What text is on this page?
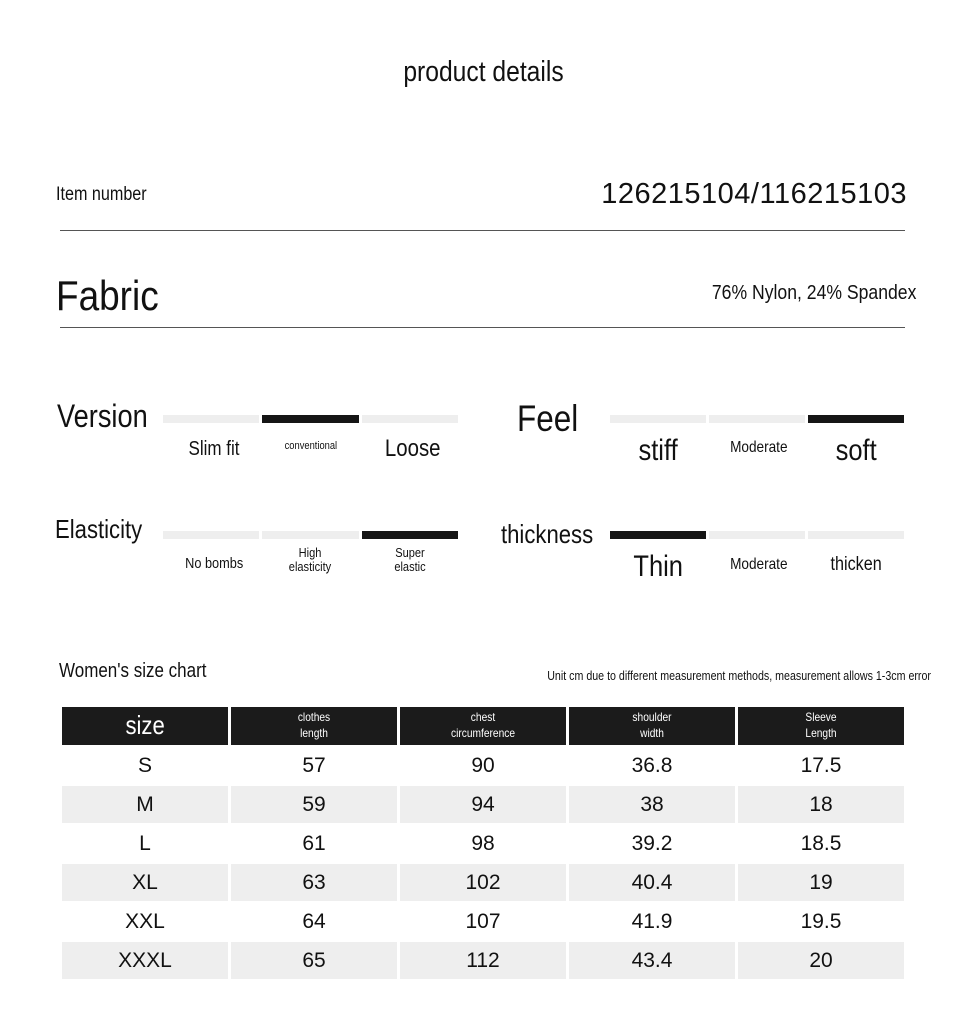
product details
Item number	126215104/116215103
Fabric	76% Nylon, 24% Spandex
Version
Slim fit	conventional	Loose
Feel
stiff	Moderate	soft
Elasticity
No bombs
High elasticity
Super elastic
thickness
Thin	Moderate	thicken
Women's size chart	Unit cm due to different measurement methods, measurement allows 1-3cm error
size	clothes length	chest circumference	shoulder width	Sleeve Length
S	57	90	36.8	17.5
M	59	94	38	18
L	61	98	39.2	18.5
XL	63	102	40.4	19
XXL	64	107	41.9	19.5
XXXL	65	112	43.4	20
